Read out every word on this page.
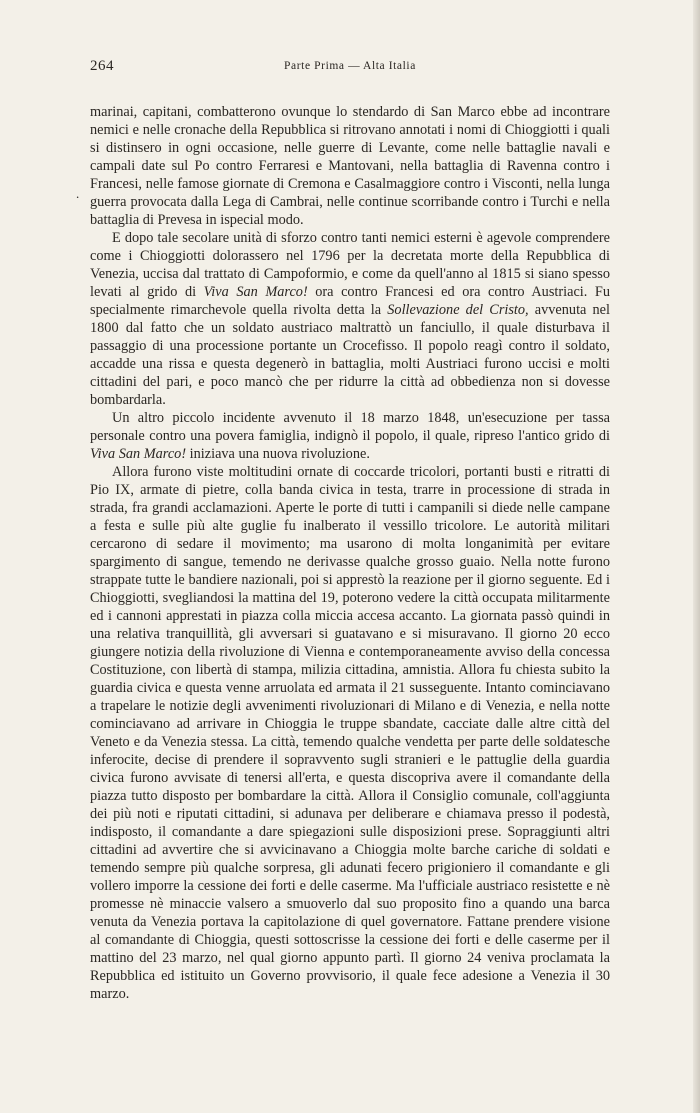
264	Parte Prima — Alta Italia
.

marinai, capitani, combatterono ovunque lo stendardo di San Marco ebbe ad incontrare nemici e nelle cronache della Repubblica si ritrovano annotati i nomi di Chioggiotti i quali si distinsero in ogni occasione, nelle guerre di Levante, come nelle battaglie navali e campali date sul Po contro Ferraresi e Mantovani, nella battaglia di Ravenna contro i Francesi, nelle famose giornate di Cremona e Casalmaggiore contro i Visconti, nella lunga guerra provocata dalla Lega di Cambrai, nelle continue scorribande contro i Turchi e nella battaglia di Prevesa in ispecial modo.

E dopo tale secolare unità di sforzo contro tanti nemici esterni è agevole comprendere come i Chioggiotti dolorassero nel 1796 per la decretata morte della Repubblica di Venezia, uccisa dal trattato di Campoformio, e come da quell'anno al 1815 si siano spesso levati al grido di Viva San Marco! ora contro Francesi ed ora contro Austriaci. Fu specialmente rimarchevole quella rivolta detta la Sollevazione del Cristo, avvenuta nel 1800 dal fatto che un soldato austriaco maltrattò un fanciullo, il quale disturbava il passaggio di una processione portante un Crocefisso. Il popolo reagì contro il soldato, accadde una rissa e questa degenerò in battaglia, molti Austriaci furono uccisi e molti cittadini del pari, e poco mancò che per ridurre la città ad obbedienza non si dovesse bombardarla.

Un altro piccolo incidente avvenuto il 18 marzo 1848, un'esecuzione per tassa personale contro una povera famiglia, indignò il popolo, il quale, ripreso l'antico grido di Viva San Marco! iniziava una nuova rivoluzione.

Allora furono viste moltitudini ornate di coccarde tricolori, portanti busti e ritratti di Pio IX, armate di pietre, colla banda civica in testa, trarre in processione di strada in strada, fra grandi acclamazioni. Aperte le porte di tutti i campanili si diede nelle campane a festa e sulle più alte guglie fu inalberato il vessillo tricolore. Le autorità militari cercarono di sedare il movimento; ma usarono di molta longanimità per evitare spargimento di sangue, temendo ne derivasse qualche grosso guaio. Nella notte furono strappate tutte le bandiere nazionali, poi si apprestò la reazione per il giorno seguente. Ed i Chioggiotti, svegliandosi la mattina del 19, poterono vedere la città occupata militarmente ed i cannoni apprestati in piazza colla miccia accesa accanto. La giornata passò quindi in una relativa tranquillità, gli avversari si guatavano e si misuravano. Il giorno 20 ecco giungere notizia della rivoluzione di Vienna e contemporaneamente avviso della concessa Costituzione, con libertà di stampa, milizia cittadina, amnistia. Allora fu chiesta subito la guardia civica e questa venne arruolata ed armata il 21 susseguente. Intanto cominciavano a trapelare le notizie degli avvenimenti rivoluzionari di Milano e di Venezia, e nella notte cominciavano ad arrivare in Chioggia le truppe sbandate, cacciate dalle altre città del Veneto e da Venezia stessa. La città, temendo qualche vendetta per parte delle soldatesche inferocite, decise di prendere il sopravvento sugli stranieri e le pattuglie della guardia civica furono avvisate di tenersi all'erta, e questa discopriva avere il comandante della piazza tutto disposto per bombardare la città. Allora il Consiglio comunale, coll'aggiunta dei più noti e riputati cittadini, si adunava per deliberare e chiamava presso il podestà, indisposto, il comandante a dare spiegazioni sulle disposizioni prese. Sopraggiunti altri cittadini ad avvertire che si avvicinavano a Chioggia molte barche cariche di soldati e temendo sempre più qualche sorpresa, gli adunati fecero prigioniero il comandante e gli vollero imporre la cessione dei forti e delle caserme. Ma l'ufficiale austriaco resistette e nè promesse nè minaccie valsero a smuoverlo dal suo proposito fino a quando una barca venuta da Venezia portava la capitolazione di quel governatore. Fattane prendere visione al comandante di Chioggia, questi sottoscrisse la cessione dei forti e delle caserme per il mattino del 23 marzo, nel qual giorno appunto partì. Il giorno 24 veniva proclamata la Repubblica ed istituito un Governo provvisorio, il quale fece adesione a Venezia il 30 marzo.
